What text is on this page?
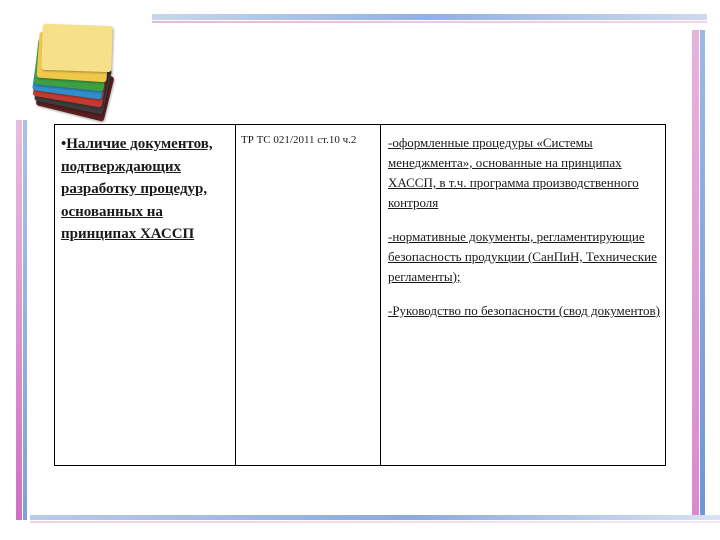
•Наличие документов, подтверждающих разработку процедур, основанных на принципах ХАССП
ТР ТС 021/2011 ст.10 ч.2	-оформленные процедуры «Системы менеджмента», основанные на принципах ХАССП, в т.ч. программа производственного контроля

-нормативные документы, регламентирующие безопасность продукции (СанПиН, Технические регламенты);

-Руководство по безопасности (свод документов)
